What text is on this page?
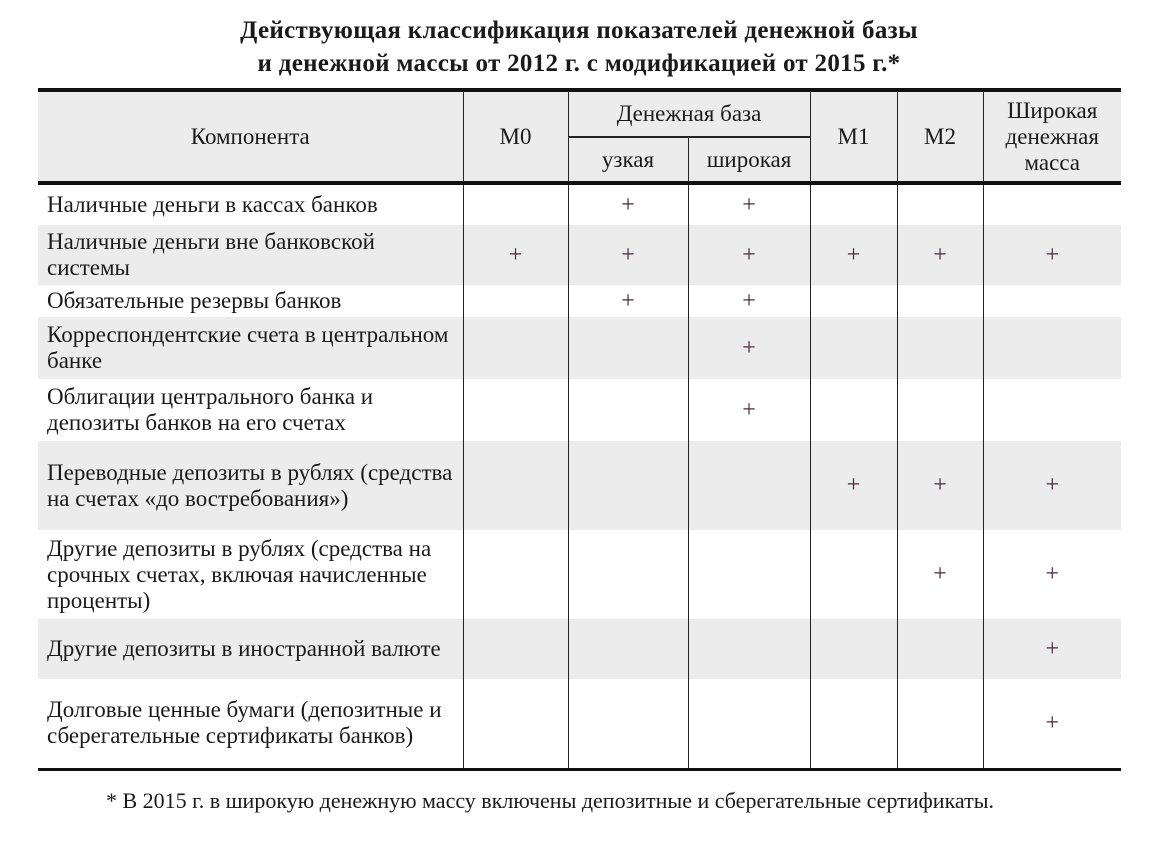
Действующая классификация показателей денежной базы
и денежной массы от 2012 г. с модификацией от 2015 г.*
Компонента	М0	Денежная база		М1	М2	Широкая денежная масса
		узкая	широкая			
Наличные деньги в кассах банков		+	+			
Наличные деньги вне банковской системы	+	+	+	+	+	+
Обязательные резервы банков		+	+			
Корреспондентские счета в центральном банке			+			
Облигации центрального банка и депозиты банков на его счетах			+			
Переводные депозиты в рублях (средства на счетах «до востребования»)				+	+	+
Другие депозиты в рублях (средства на срочных счетах, включая начисленные проценты)					+	+
Другие депозиты в иностранной валюте						+
Долговые ценные бумаги (депозитные и сберегательные сертификаты банков)						+
* В 2015 г. в широкую денежную массу включены депозитные и сберегательные сертификаты.
